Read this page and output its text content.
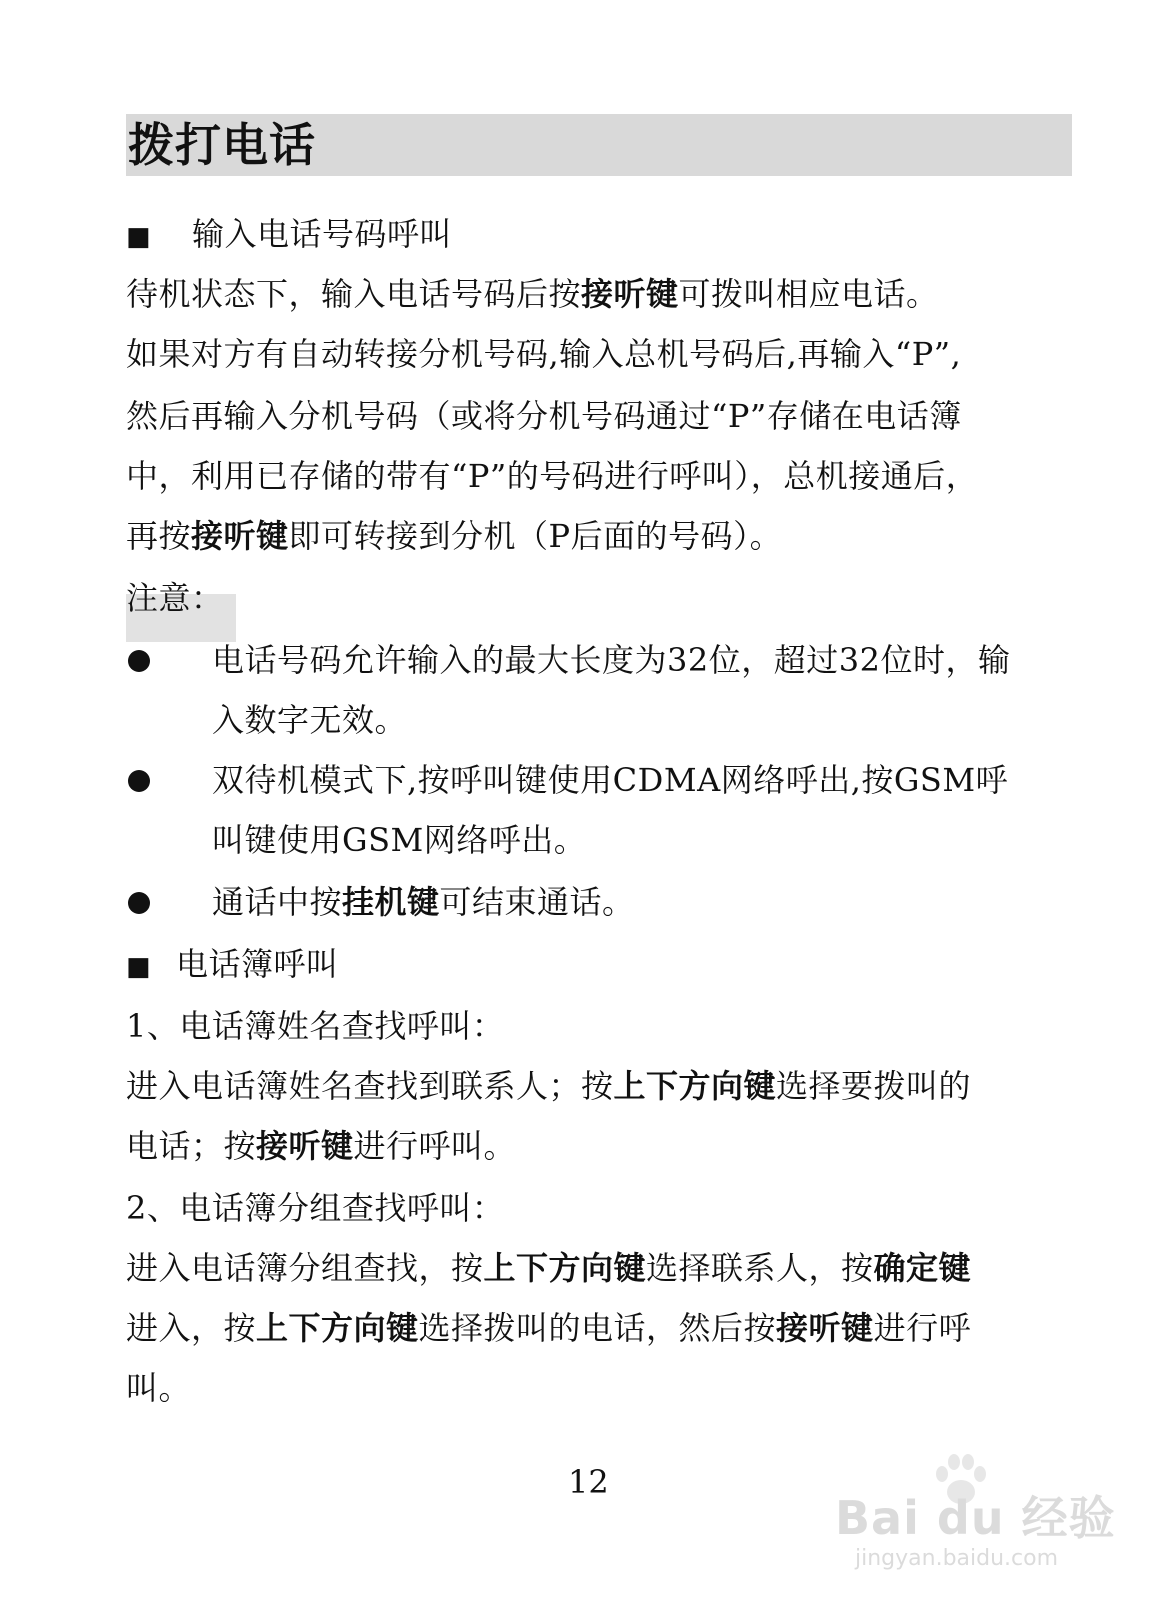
拨打电话
■ 输入电话号码呼叫
待机状态下，输入电话号码后按接听键可拨叫相应电话。
如果对方有自动转接分机号码,输入总机号码后,再输入“P”,
然后再输入分机号码（或将分机号码通过“P”存储在电话簿
中，利用已存储的带有“P”的号码进行呼叫），总机接通后，
再按接听键即可转接到分机（P后面的号码）。
注意：
电话号码允许输入的最大长度为32位，超过32位时，输
入数字无效。
双待机模式下,按呼叫键使用CDMA网络呼出,按GSM呼
叫键使用GSM网络呼出。
通话中按挂机键可结束通话。
■ 电话簿呼叫
1、电话簿姓名查找呼叫：
进入电话簿姓名查找到联系人；按上下方向键选择要拨叫的
电话；按接听键进行呼叫。
2、电话簿分组查找呼叫：
进入电话簿分组查找，按上下方向键选择联系人，按确定键
进入，按上下方向键选择拨叫的电话，然后按接听键进行呼
叫。
12
Bai du 经验
jingyan.baidu.com
